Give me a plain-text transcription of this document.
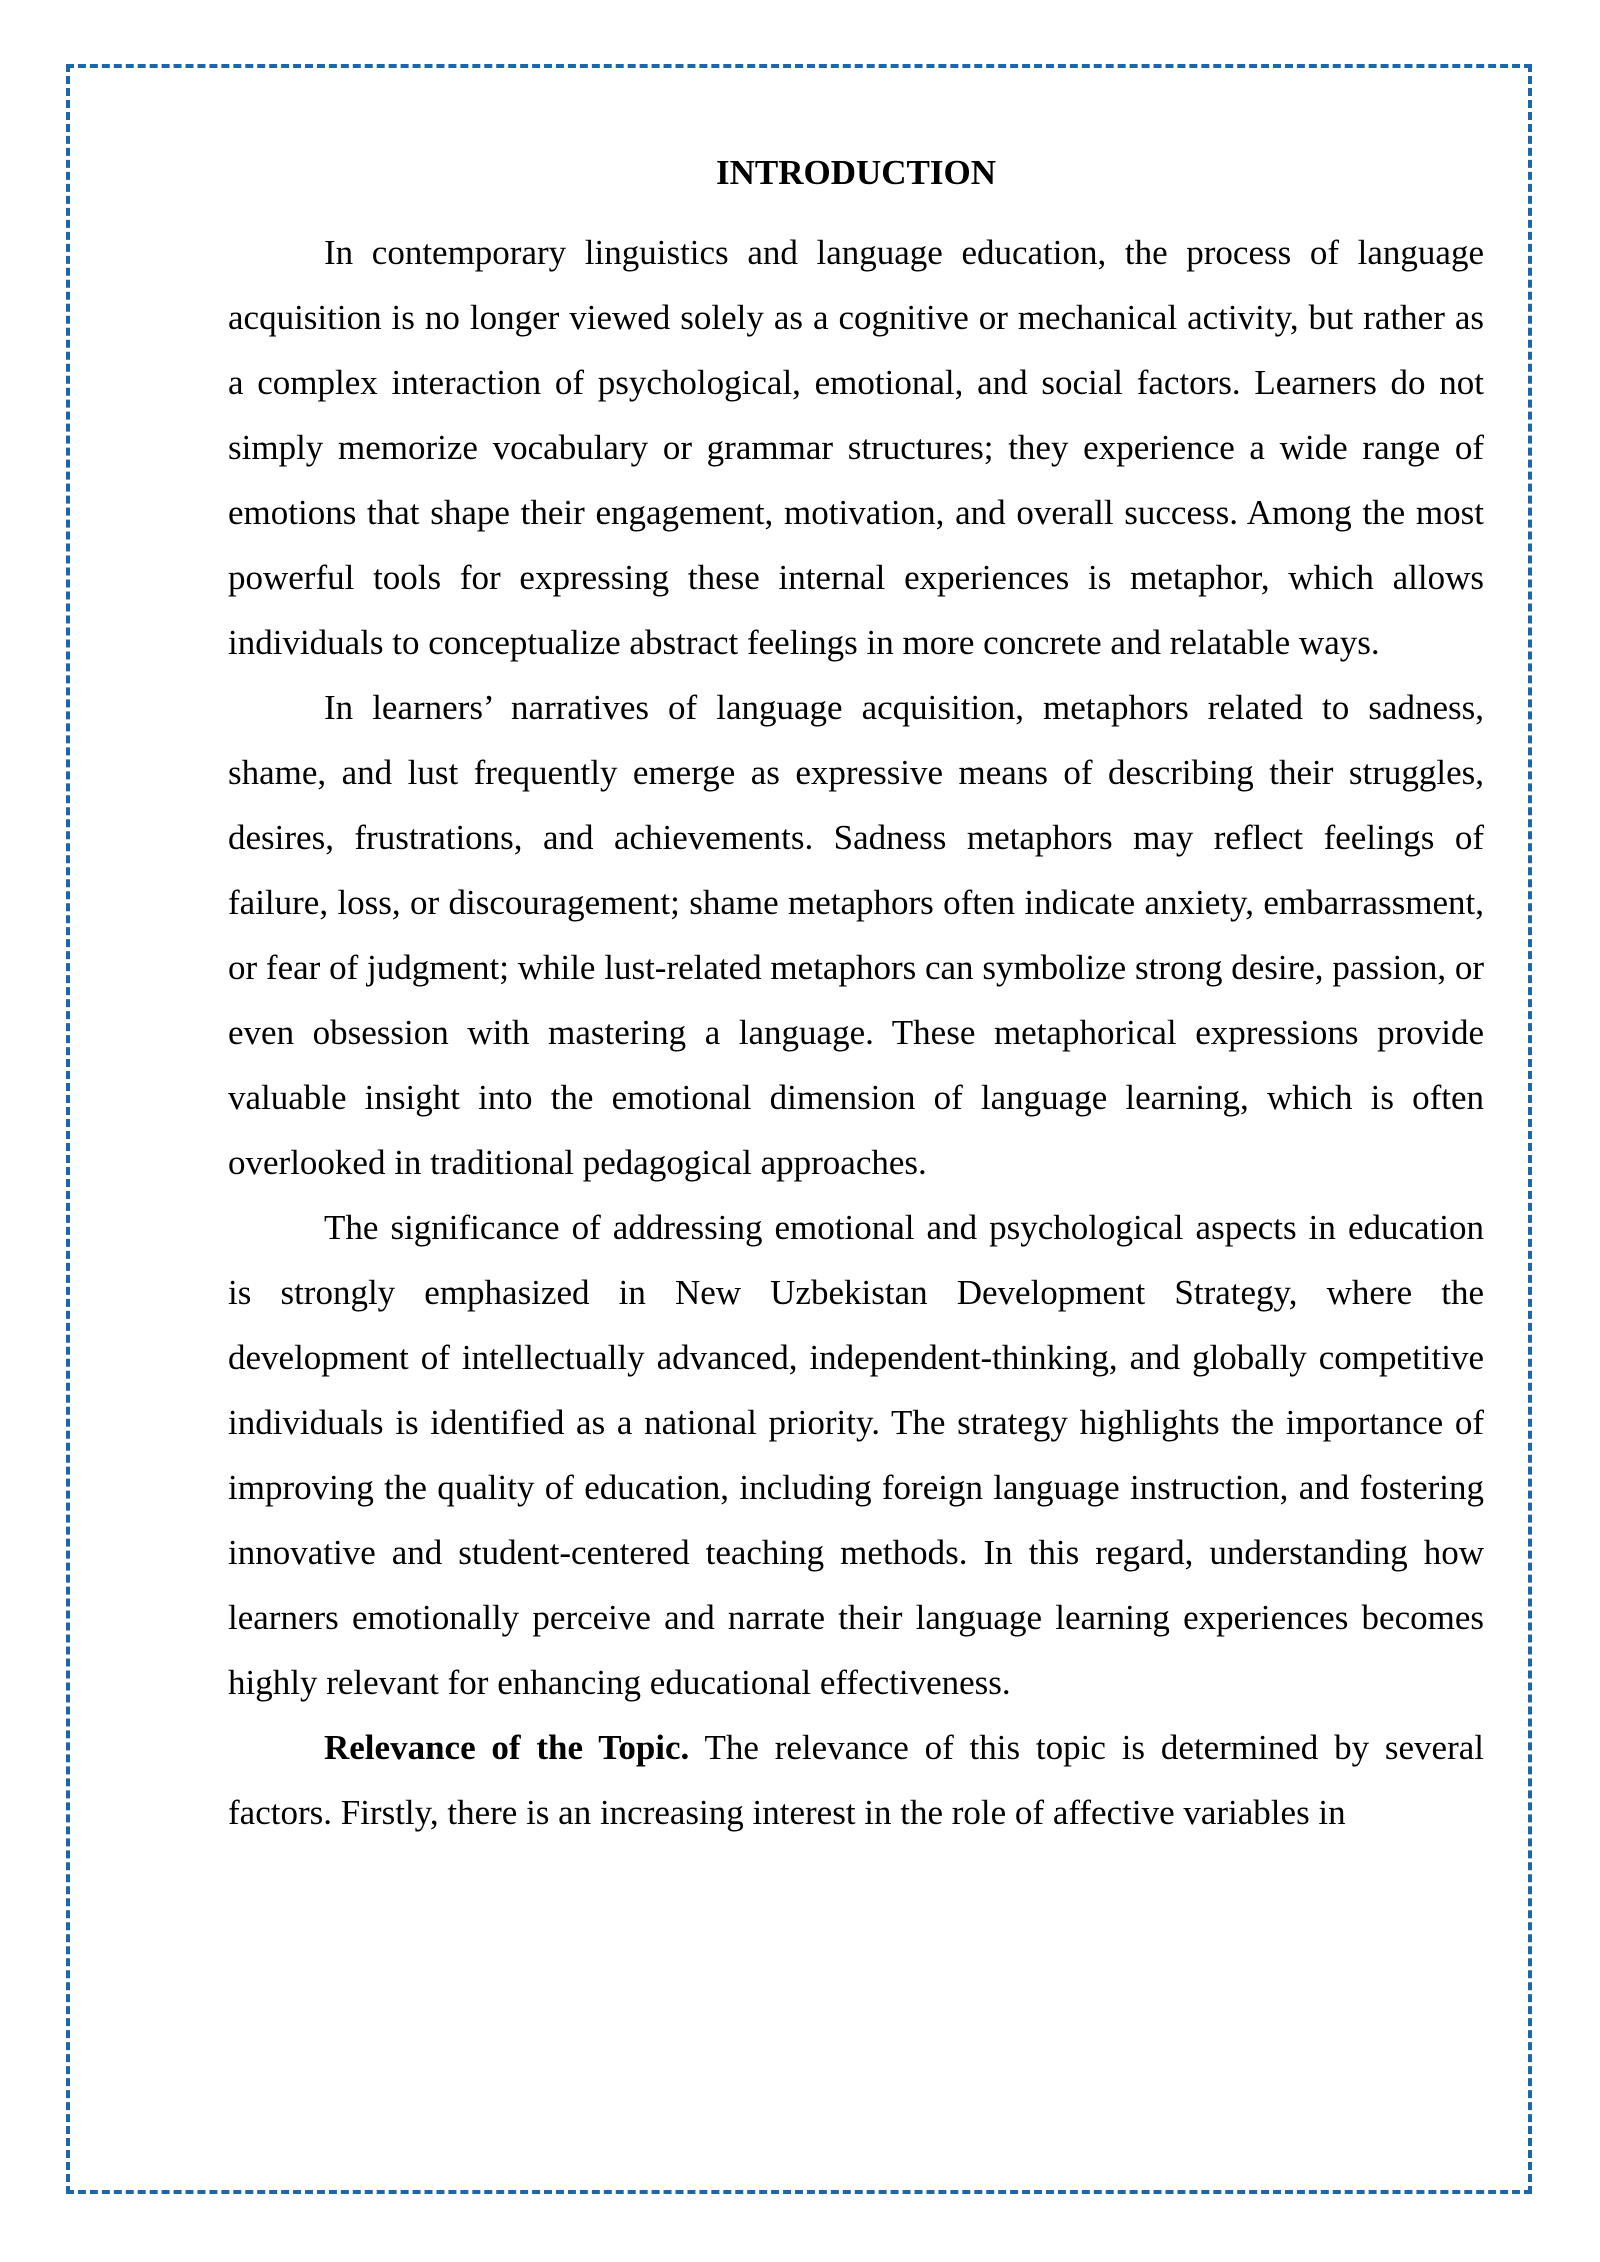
INTRODUCTION

In contemporary linguistics and language education, the process of language acquisition is no longer viewed solely as a cognitive or mechanical activity, but rather as a complex interaction of psychological, emotional, and social factors. Learners do not simply memorize vocabulary or grammar structures; they experience a wide range of emotions that shape their engagement, motivation, and overall success. Among the most powerful tools for expressing these internal experiences is metaphor, which allows individuals to conceptualize abstract feelings in more concrete and relatable ways.

In learners’ narratives of language acquisition, metaphors related to sadness, shame, and lust frequently emerge as expressive means of describing their struggles, desires, frustrations, and achievements. Sadness metaphors may reflect feelings of failure, loss, or discouragement; shame metaphors often indicate anxiety, embarrassment, or fear of judgment; while lust-related metaphors can symbolize strong desire, passion, or even obsession with mastering a language. These metaphorical expressions provide valuable insight into the emotional dimension of language learning, which is often overlooked in traditional pedagogical approaches.

The significance of addressing emotional and psychological aspects in education is strongly emphasized in New Uzbekistan Development Strategy, where the development of intellectually advanced, independent-thinking, and globally competitive individuals is identified as a national priority. The strategy highlights the importance of improving the quality of education, including foreign language instruction, and fostering innovative and student-centered teaching methods. In this regard, understanding how learners emotionally perceive and narrate their language learning experiences becomes highly relevant for enhancing educational effectiveness.

Relevance of the Topic. The relevance of this topic is determined by several factors. Firstly, there is an increasing interest in the role of affective variables in
